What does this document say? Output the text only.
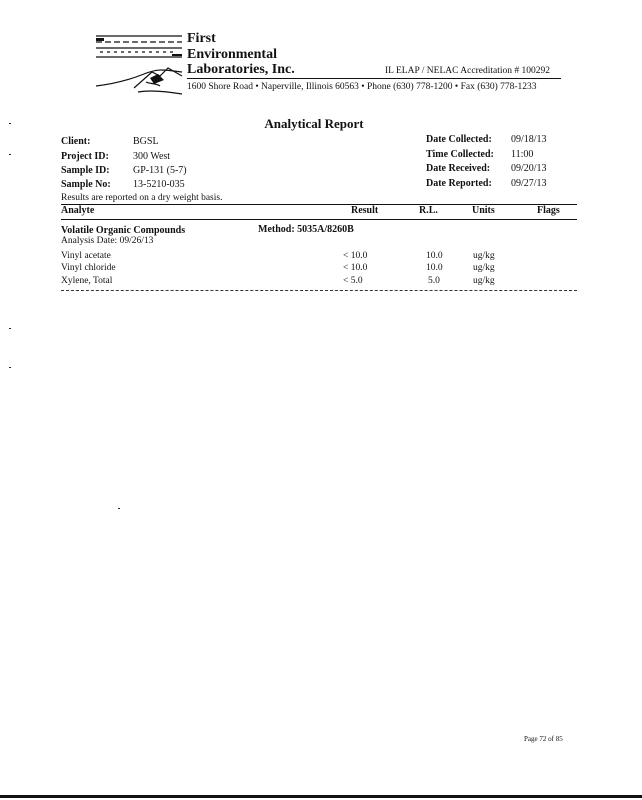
First
Environmental
Laboratories, Inc.	IL ELAP / NELAC Accreditation # 100292
1600 Shore Road • Naperville, Illinois 60563 • Phone (630) 778-1200 • Fax (630) 778-1233
Analytical Report
Client:	BGSL
Project ID: 300 West
Sample ID: GP-131 (5-7)
Sample No: 13-5210-035
Date Collected: 09/18/13
Time Collected: 11:00
Date Received: 09/20/13
Date Reported: 09/27/13
Results are reported on a dry weight basis.
Analyte	Result	R.L.	Units	Flags
Volatile Organic Compounds	Method: 5035A/8260B
Analysis Date: 09/26/13
Vinyl acetate	< 10.0	10.0	ug/kg
Vinyl chloride	< 10.0	10.0	ug/kg
Xylene, Total	< 5.0	5.0	ug/kg
Page 72 of 85
